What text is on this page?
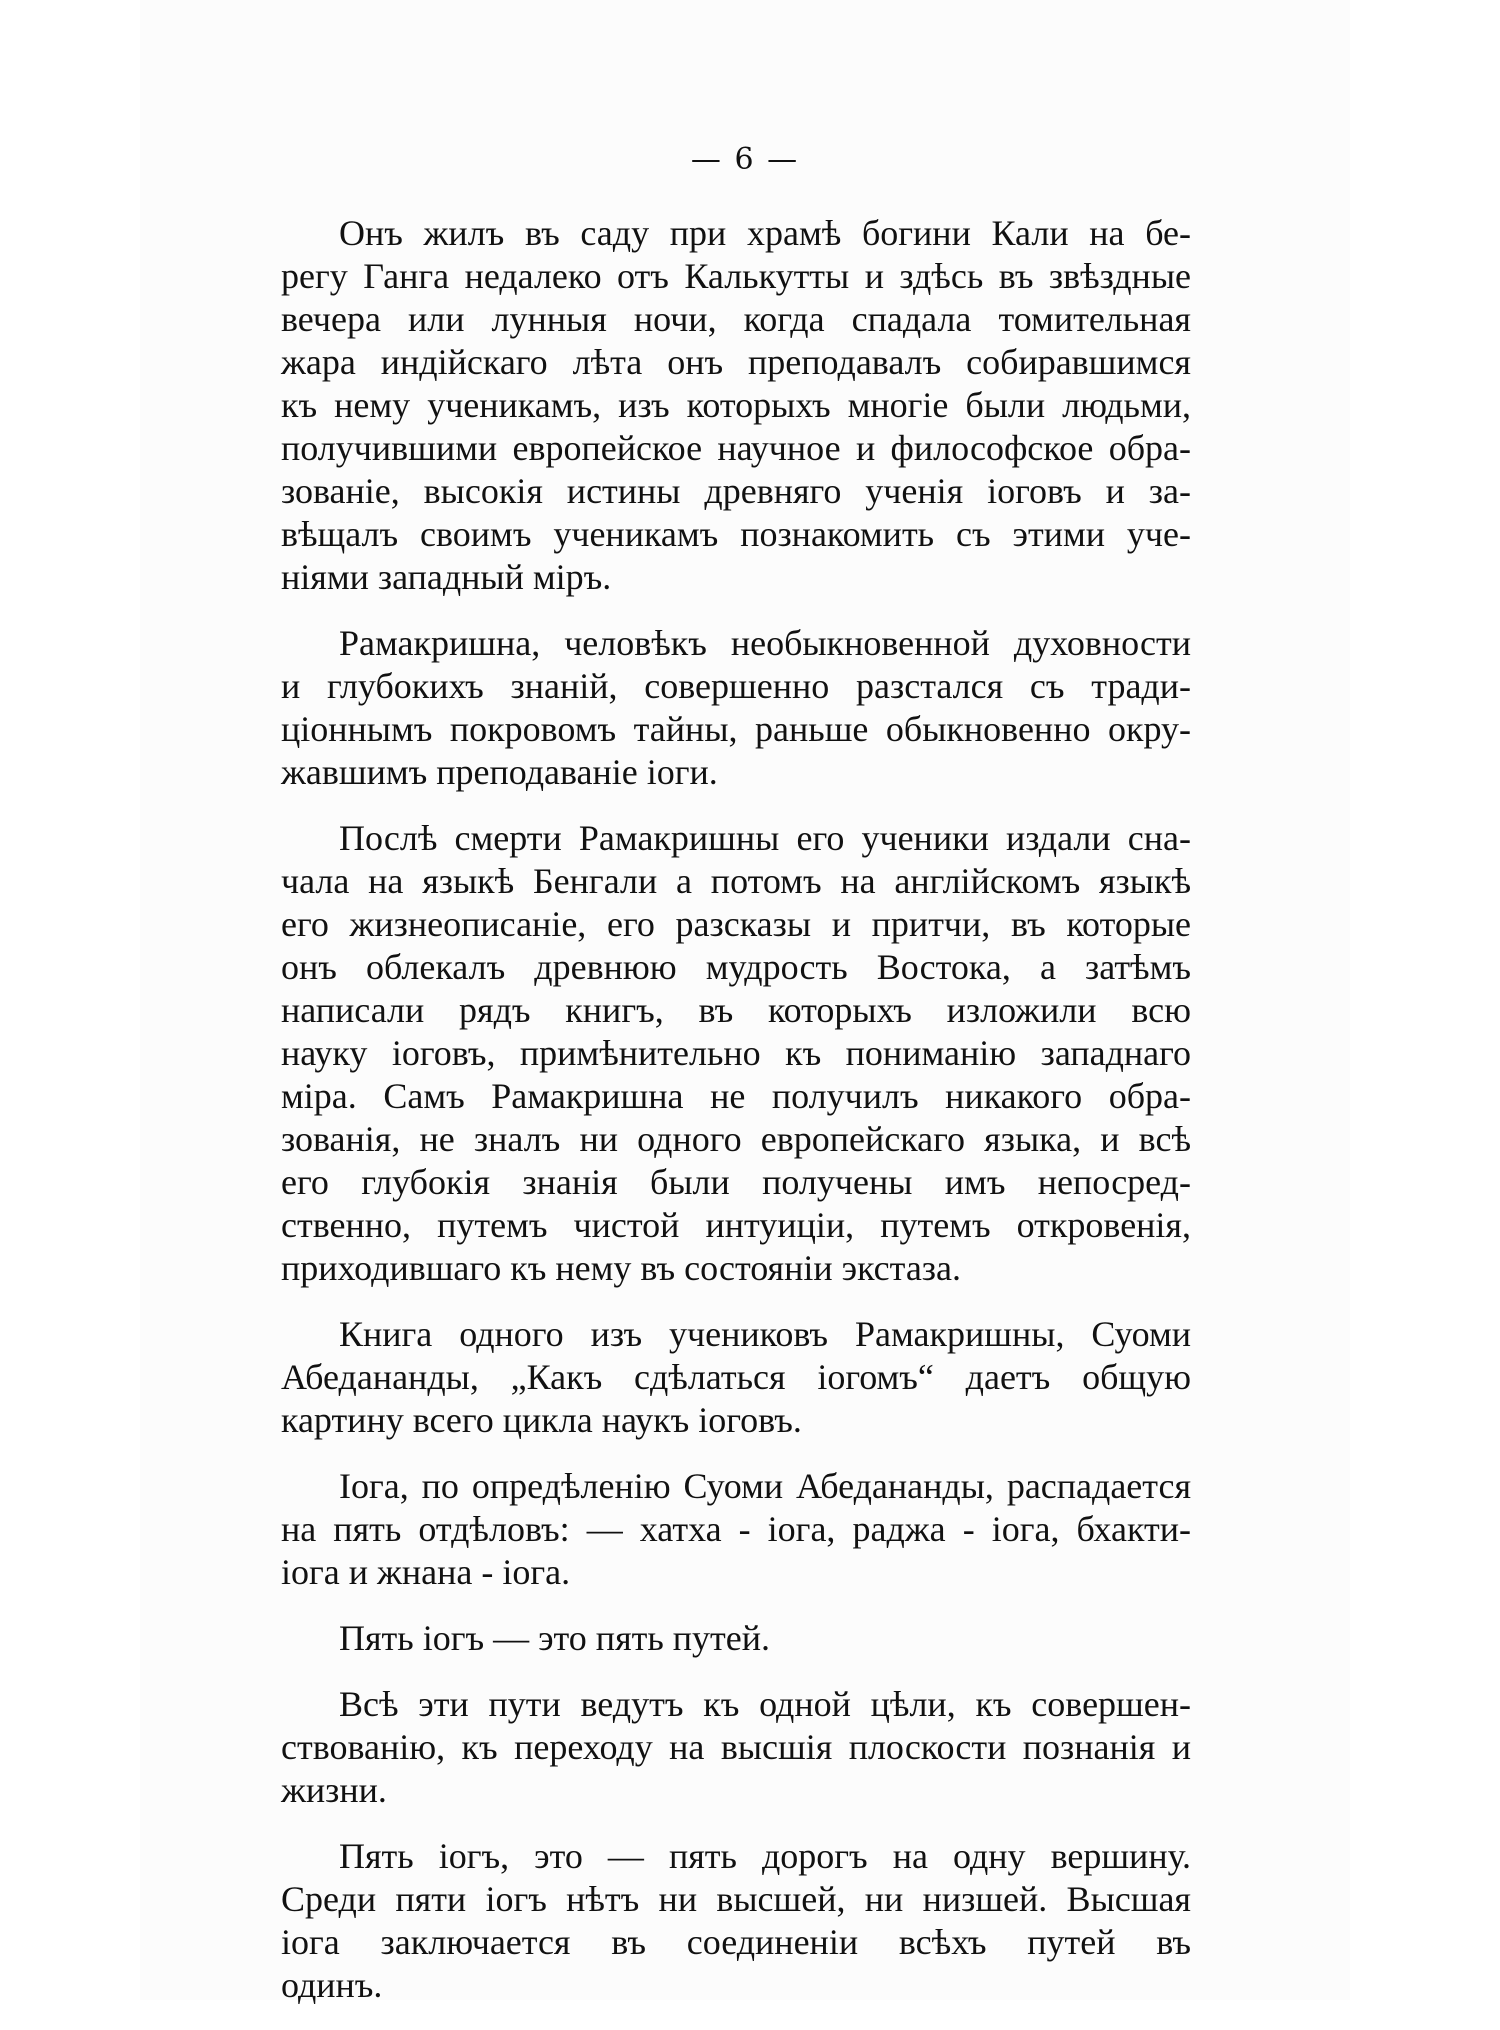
— 6 —
Онъ жилъ въ саду при храмѣ богини Кали на бе-
регу Ганга недалеко отъ Калькутты и здѣсь въ звѣздные
вечера или лунныя ночи, когда спадала томительная
жара индійскаго лѣта онъ преподавалъ собиравшимся
къ нему ученикамъ, изъ которыхъ многіе были людьми,
получившими европейское научное и философское обра-
зованіе, высокія истины древняго ученія іоговъ и за-
вѣщалъ своимъ ученикамъ познакомить съ этими уче-
ніями западный міръ.
Рамакришна, человѣкъ необыкновенной духовности
и глубокихъ знаній, совершенно разстался съ тради-
ціоннымъ покровомъ тайны, раньше обыкновенно окру-
жавшимъ преподаваніе іоги.
Послѣ смерти Рамакришны его ученики издали сна-
чала на языкѣ Бенгали а потомъ на англійскомъ языкѣ
его жизнеописаніе, его разсказы и притчи, въ которые
онъ облекалъ древнюю мудрость Востока, а затѣмъ
написали рядъ книгъ, въ которыхъ изложили всю
науку іоговъ, примѣнительно къ пониманію западнаго
міра. Самъ Рамакришна не получилъ никакого обра-
зованія, не зналъ ни одного европейскаго языка, и всѣ
его глубокія знанія были получены имъ непосред-
ственно, путемъ чистой интуиціи, путемъ откровенія,
приходившаго къ нему въ состояніи экстаза.
Книга одного изъ учениковъ Рамакришны, Суоми
Абедананды, „Какъ сдѣлаться іогомъ“ даетъ общую
картину всего цикла наукъ іоговъ.
Іога, по опредѣленію Суоми Абедананды, распадается
на пять отдѣловъ: — хатха - іога, раджа - іога, бхакти-
іога и жнана - іога.
Пять іогъ — это пять путей.
Всѣ эти пути ведутъ къ одной цѣли, къ совершен-
ствованію, къ переходу на высшія плоскости познанія и
жизни.
Пять іогъ, это — пять дорогъ на одну вершину.
Среди пяти іогъ нѣтъ ни высшей, ни низшей. Высшая
іога заключается въ соединеніи всѣхъ путей въ
одинъ.
